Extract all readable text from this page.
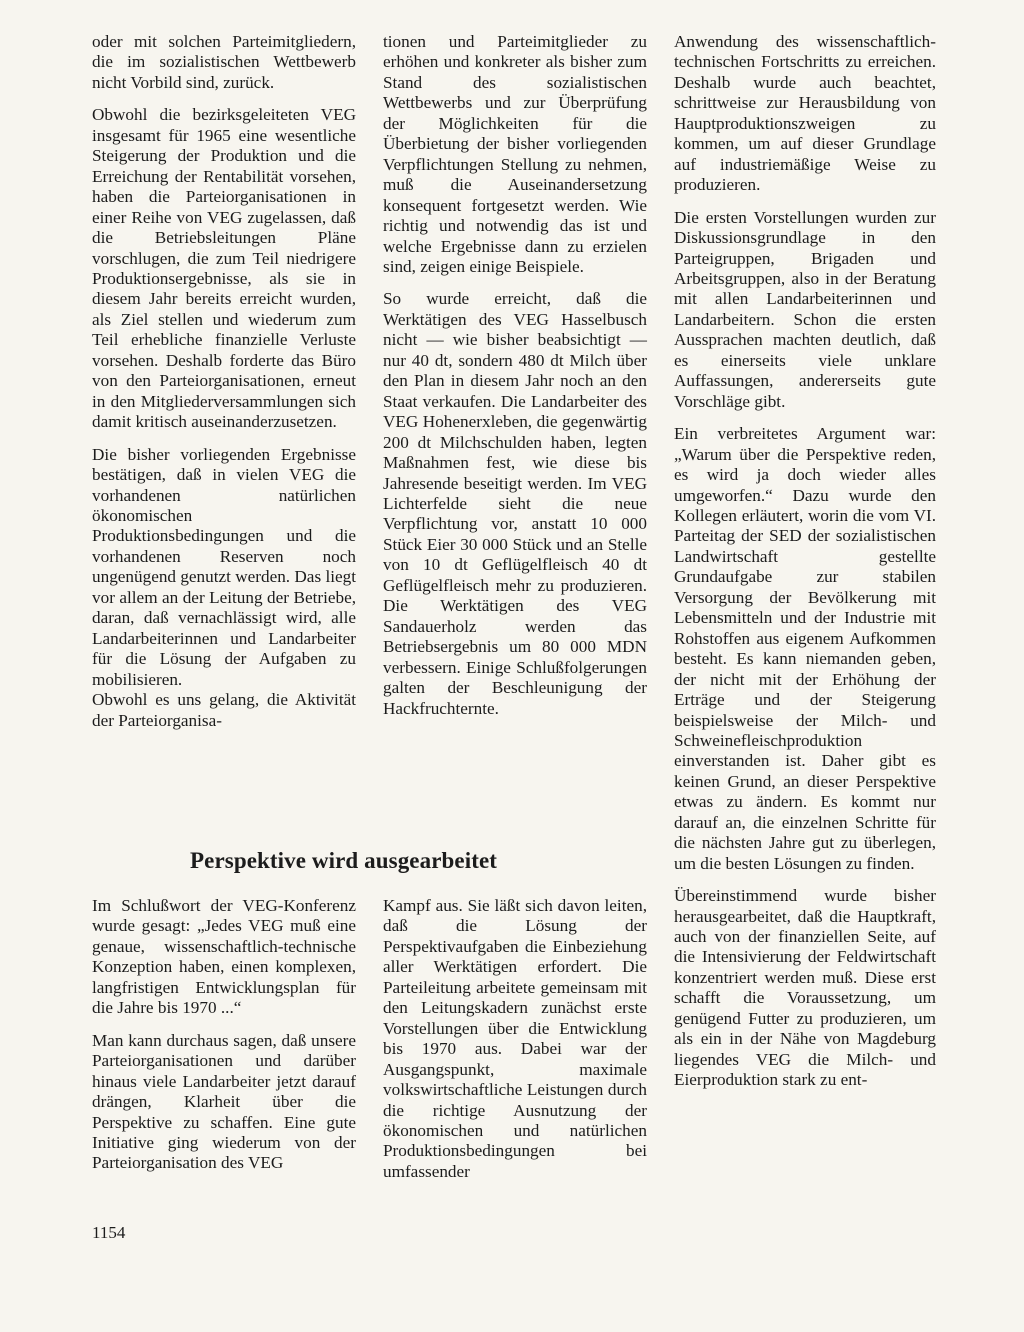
oder mit solchen Parteimitgliedern, die im sozialistischen Wettbewerb nicht Vorbild sind, zurück.

Obwohl die bezirksgeleiteten VEG insgesamt für 1965 eine wesentliche Steigerung der Produktion und die Erreichung der Rentabilität vorsehen, haben die Parteiorganisationen in einer Reihe von VEG zugelassen, daß die Betriebsleitungen Pläne vorschlugen, die zum Teil niedrigere Produktionsergebnisse, als sie in diesem Jahr bereits erreicht wurden, als Ziel stellen und wiederum zum Teil erhebliche finanzielle Verluste vorsehen. Deshalb forderte das Büro von den Parteiorganisationen, erneut in den Mitgliederversammlungen sich damit kritisch auseinanderzusetzen.

Die bisher vorliegenden Ergebnisse bestätigen, daß in vielen VEG die vorhandenen natürlichen ökonomischen Produktionsbedingungen und die vorhandenen Reserven noch ungenügend genutzt werden. Das liegt vor allem an der Leitung der Betriebe, daran, daß vernachlässigt wird, alle Landarbeiterinnen und Landarbeiter für die Lösung der Aufgaben zu mobilisieren.

Obwohl es uns gelang, die Aktivität der Parteiorganisa-

tionen und Parteimitglieder zu erhöhen und konkreter als bisher zum Stand des sozialistischen Wettbewerbs und zur Überprüfung der Möglichkeiten für die Überbietung der bisher vorliegenden Verpflichtungen Stellung zu nehmen, muß die Auseinandersetzung konsequent fortgesetzt werden. Wie richtig und notwendig das ist und welche Ergebnisse dann zu erzielen sind, zeigen einige Beispiele.

So wurde erreicht, daß die Werktätigen des VEG Hasselbusch nicht — wie bisher beabsichtigt — nur 40 dt, sondern 480 dt Milch über den Plan in diesem Jahr noch an den Staat verkaufen. Die Landarbeiter des VEG Hohenerxleben, die gegenwärtig 200 dt Milchschulden haben, legten Maßnahmen fest, wie diese bis Jahresende beseitigt werden. Im VEG Lichterfelde sieht die neue Verpflichtung vor, anstatt 10 000 Stück Eier 30 000 Stück und an Stelle von 10 dt Geflügelfleisch 40 dt Geflügelfleisch mehr zu produzieren. Die Werktätigen des VEG Sandauerholz werden das Betriebsergebnis um 80 000 MDN verbessern. Einige Schlußfolgerungen galten der Beschleunigung der Hackfruchternte.

Anwendung des wissenschaftlich-technischen Fortschritts zu erreichen. Deshalb wurde auch beachtet, schrittweise zur Herausbildung von Hauptproduktionszweigen zu kommen, um auf dieser Grundlage auf industriemäßige Weise zu produzieren.

Die ersten Vorstellungen wurden zur Diskussionsgrundlage in den Parteigruppen, Brigaden und Arbeitsgruppen, also in der Beratung mit allen Landarbeiterinnen und Landarbeitern. Schon die ersten Aussprachen machten deutlich, daß es einerseits viele unklare Auffassungen, andererseits gute Vorschläge gibt.

Ein verbreitetes Argument war: „Warum über die Perspektive reden, es wird ja doch wieder alles umgeworfen.“ Dazu wurde den Kollegen erläutert, worin die vom VI. Parteitag der SED der sozialistischen Landwirtschaft gestellte Grundaufgabe zur stabilen Versorgung der Bevölkerung mit Lebensmitteln und der Industrie mit Rohstoffen aus eigenem Aufkommen besteht. Es kann niemanden geben, der nicht mit der Erhöhung der Erträge und der Steigerung beispielsweise der Milch- und Schweinefleischproduktion einverstanden ist. Daher gibt es keinen Grund, an dieser Perspektive etwas zu ändern. Es kommt nur darauf an, die einzelnen Schritte für die nächsten Jahre gut zu überlegen, um die besten Lösungen zu finden.

Übereinstimmend wurde bisher herausgearbeitet, daß die Hauptkraft, auch von der finanziellen Seite, auf die Intensivierung der Feldwirtschaft konzentriert werden muß. Diese erst schafft die Voraussetzung, um genügend Futter zu produzieren, um als ein in der Nähe von Magdeburg liegendes VEG die Milch- und Eierproduktion stark zu ent-

Perspektive wird ausgearbeitet

Im Schlußwort der VEG-Konferenz wurde gesagt: „Jedes VEG muß eine genaue, wissenschaftlich-technische Konzeption haben, einen komplexen, langfristigen Entwicklungsplan für die Jahre bis 1970 ...“

Man kann durchaus sagen, daß unsere Parteiorganisationen und darüber hinaus viele Landarbeiter jetzt darauf drängen, Klarheit über die Perspektive zu schaffen. Eine gute Initiative ging wiederum von der Parteiorganisation des VEG

Kampf aus. Sie läßt sich davon leiten, daß die Lösung der Perspektivaufgaben die Einbeziehung aller Werktätigen erfordert. Die Parteileitung arbeitete gemeinsam mit den Leitungskadern zunächst erste Vorstellungen über die Entwicklung bis 1970 aus. Dabei war der Ausgangspunkt, maximale volkswirtschaftliche Leistungen durch die richtige Ausnutzung der ökonomischen und natürlichen Produktionsbedingungen bei umfassender

1154
